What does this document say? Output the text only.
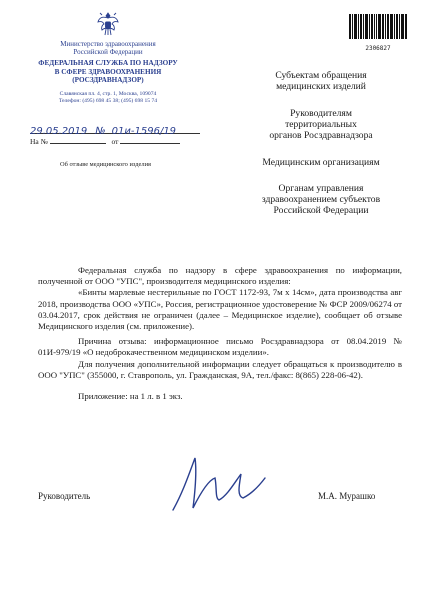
2306827
Министерство здравоохранения
Российской Федерации
ФЕДЕРАЛЬНАЯ СЛУЖБА ПО НАДЗОРУ
В СФЕРЕ ЗДРАВООХРАНЕНИЯ
(РОСЗДРАВНАДЗОР)
Славянская пл. 4, стр. 1, Москва, 109074
Телефон: (495) 698 45 38; (495) 698 15 74
29.05.2019 № 01и-1596/19
На №	от
Об отзыве медицинского изделия
Субъектам обращения
медицинских изделий
Руководителям
территориальных
органов Росздравнадзора
Медицинским организациям
Органам управления
здравоохранением субъектов
Российской Федерации

Федеральная служба по надзору в сфере здравоохранения по информации, полученной от ООО "УПС", производителя медицинского изделия:

«Бинты марлевые нестерильные по ГОСТ 1172-93, 7м х 14см», дата производства авг 2018, производства ООО «УПС», Россия, регистрационное удостоверение № ФСР 2009/06274 от 03.04.2017, срок действия не ограничен (далее – Медицинское изделие), сообщает об отзыве Медицинского изделия (см. приложение).

Причина отзыва: информационное письмо Росздравнадзора от 08.04.2019 № 01И-979/19 «О недоброкачественном медицинском изделии».

Для получения дополнительной информации следует обращаться к производителю в ООО "УПС" (355000, г. Ставрополь, ул. Гражданская, 9А, тел./факс: 8(865) 228-06-42).

Приложение: на 1 л. в 1 экз.

Руководитель	М.А. Мурашко
